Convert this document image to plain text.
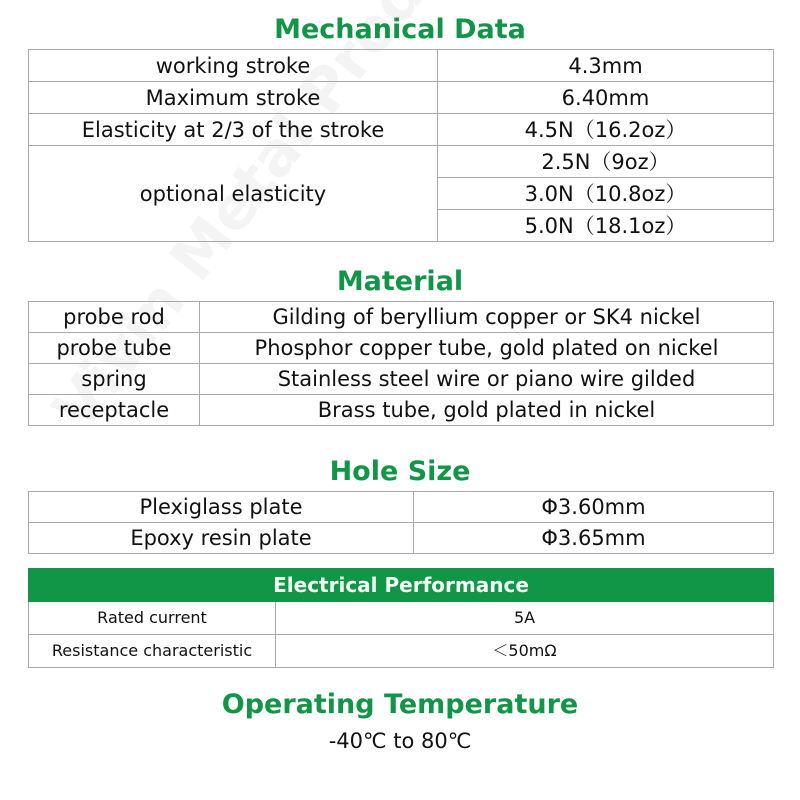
Mechanical Data
working stroke	4.3mm
Maximum stroke	6.40mm
Elasticity at 2/3 of the stroke	4.5N（16.2oz）
optional elasticity	2.5N（9oz）
	3.0N（10.8oz）
	5.0N（18.1oz）
Material
probe rod	Gilding of beryllium copper or SK4 nickel
probe tube	Phosphor copper tube, gold plated on nickel
spring	Stainless steel wire or piano wire gilded
receptacle	Brass tube, gold plated in nickel
Hole Size
Plexiglass plate	Φ3.60mm
Epoxy resin plate	Φ3.65mm
Electrical Performance	
Rated current	5A
Resistance characteristic	＜50mΩ
Operating Temperature
-40℃ to 80℃
